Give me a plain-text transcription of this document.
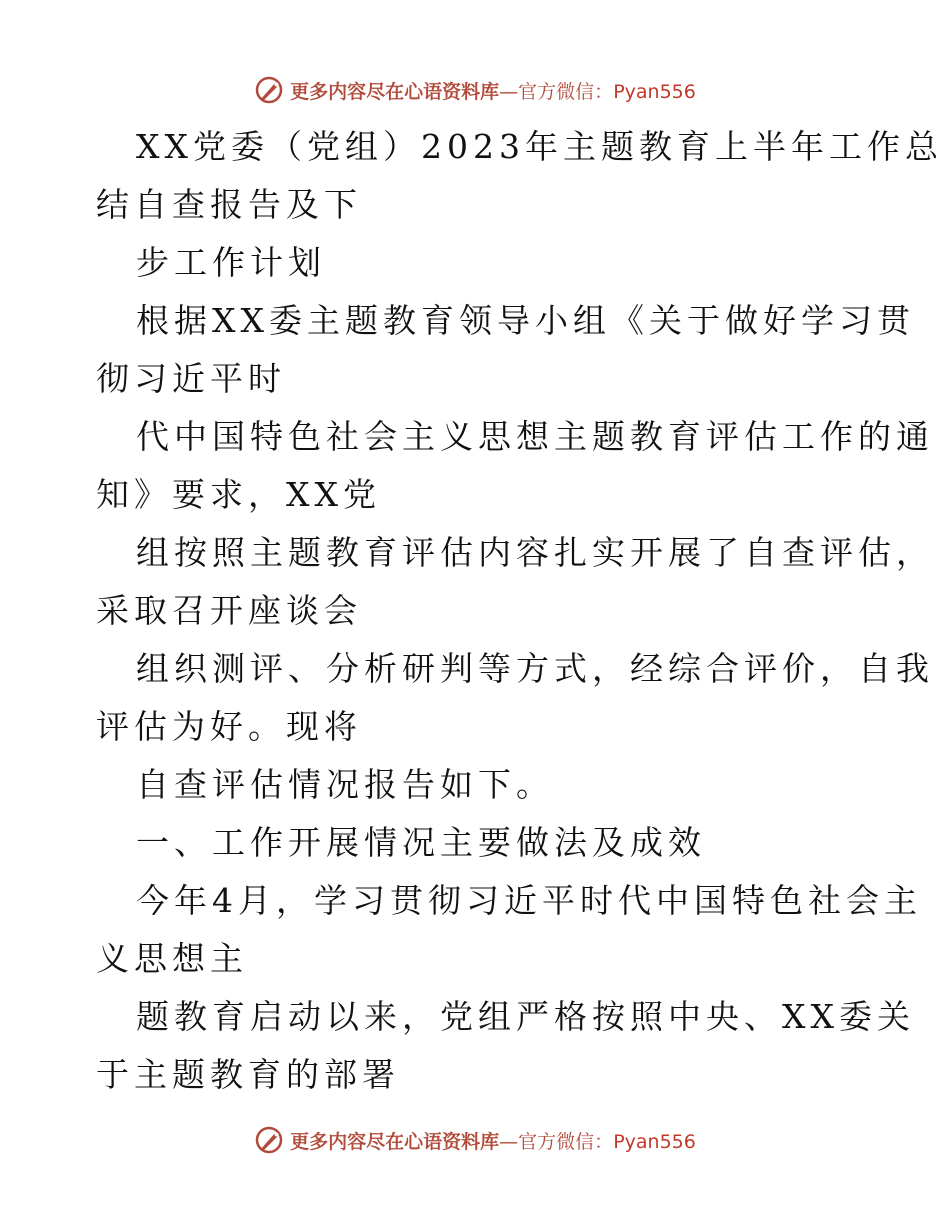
更多内容尽在心语资料库—官方微信：Pyan556
XX党委（党组）2023年主题教育上半年工作总
结自查报告及下
步工作计划
根据XX委主题教育领导小组《关于做好学习贯
彻习近平时
代中国特色社会主义思想主题教育评估工作的通
知》要求，XX党
组按照主题教育评估内容扎实开展了自查评估，
采取召开座谈会
组织测评、分析研判等方式，经综合评价，自我
评估为好。现将
自查评估情况报告如下。
一、工作开展情况主要做法及成效
今年4月，学习贯彻习近平时代中国特色社会主
义思想主
题教育启动以来，党组严格按照中央、XX委关
于主题教育的部署
更多内容尽在心语资料库—官方微信：Pyan556
